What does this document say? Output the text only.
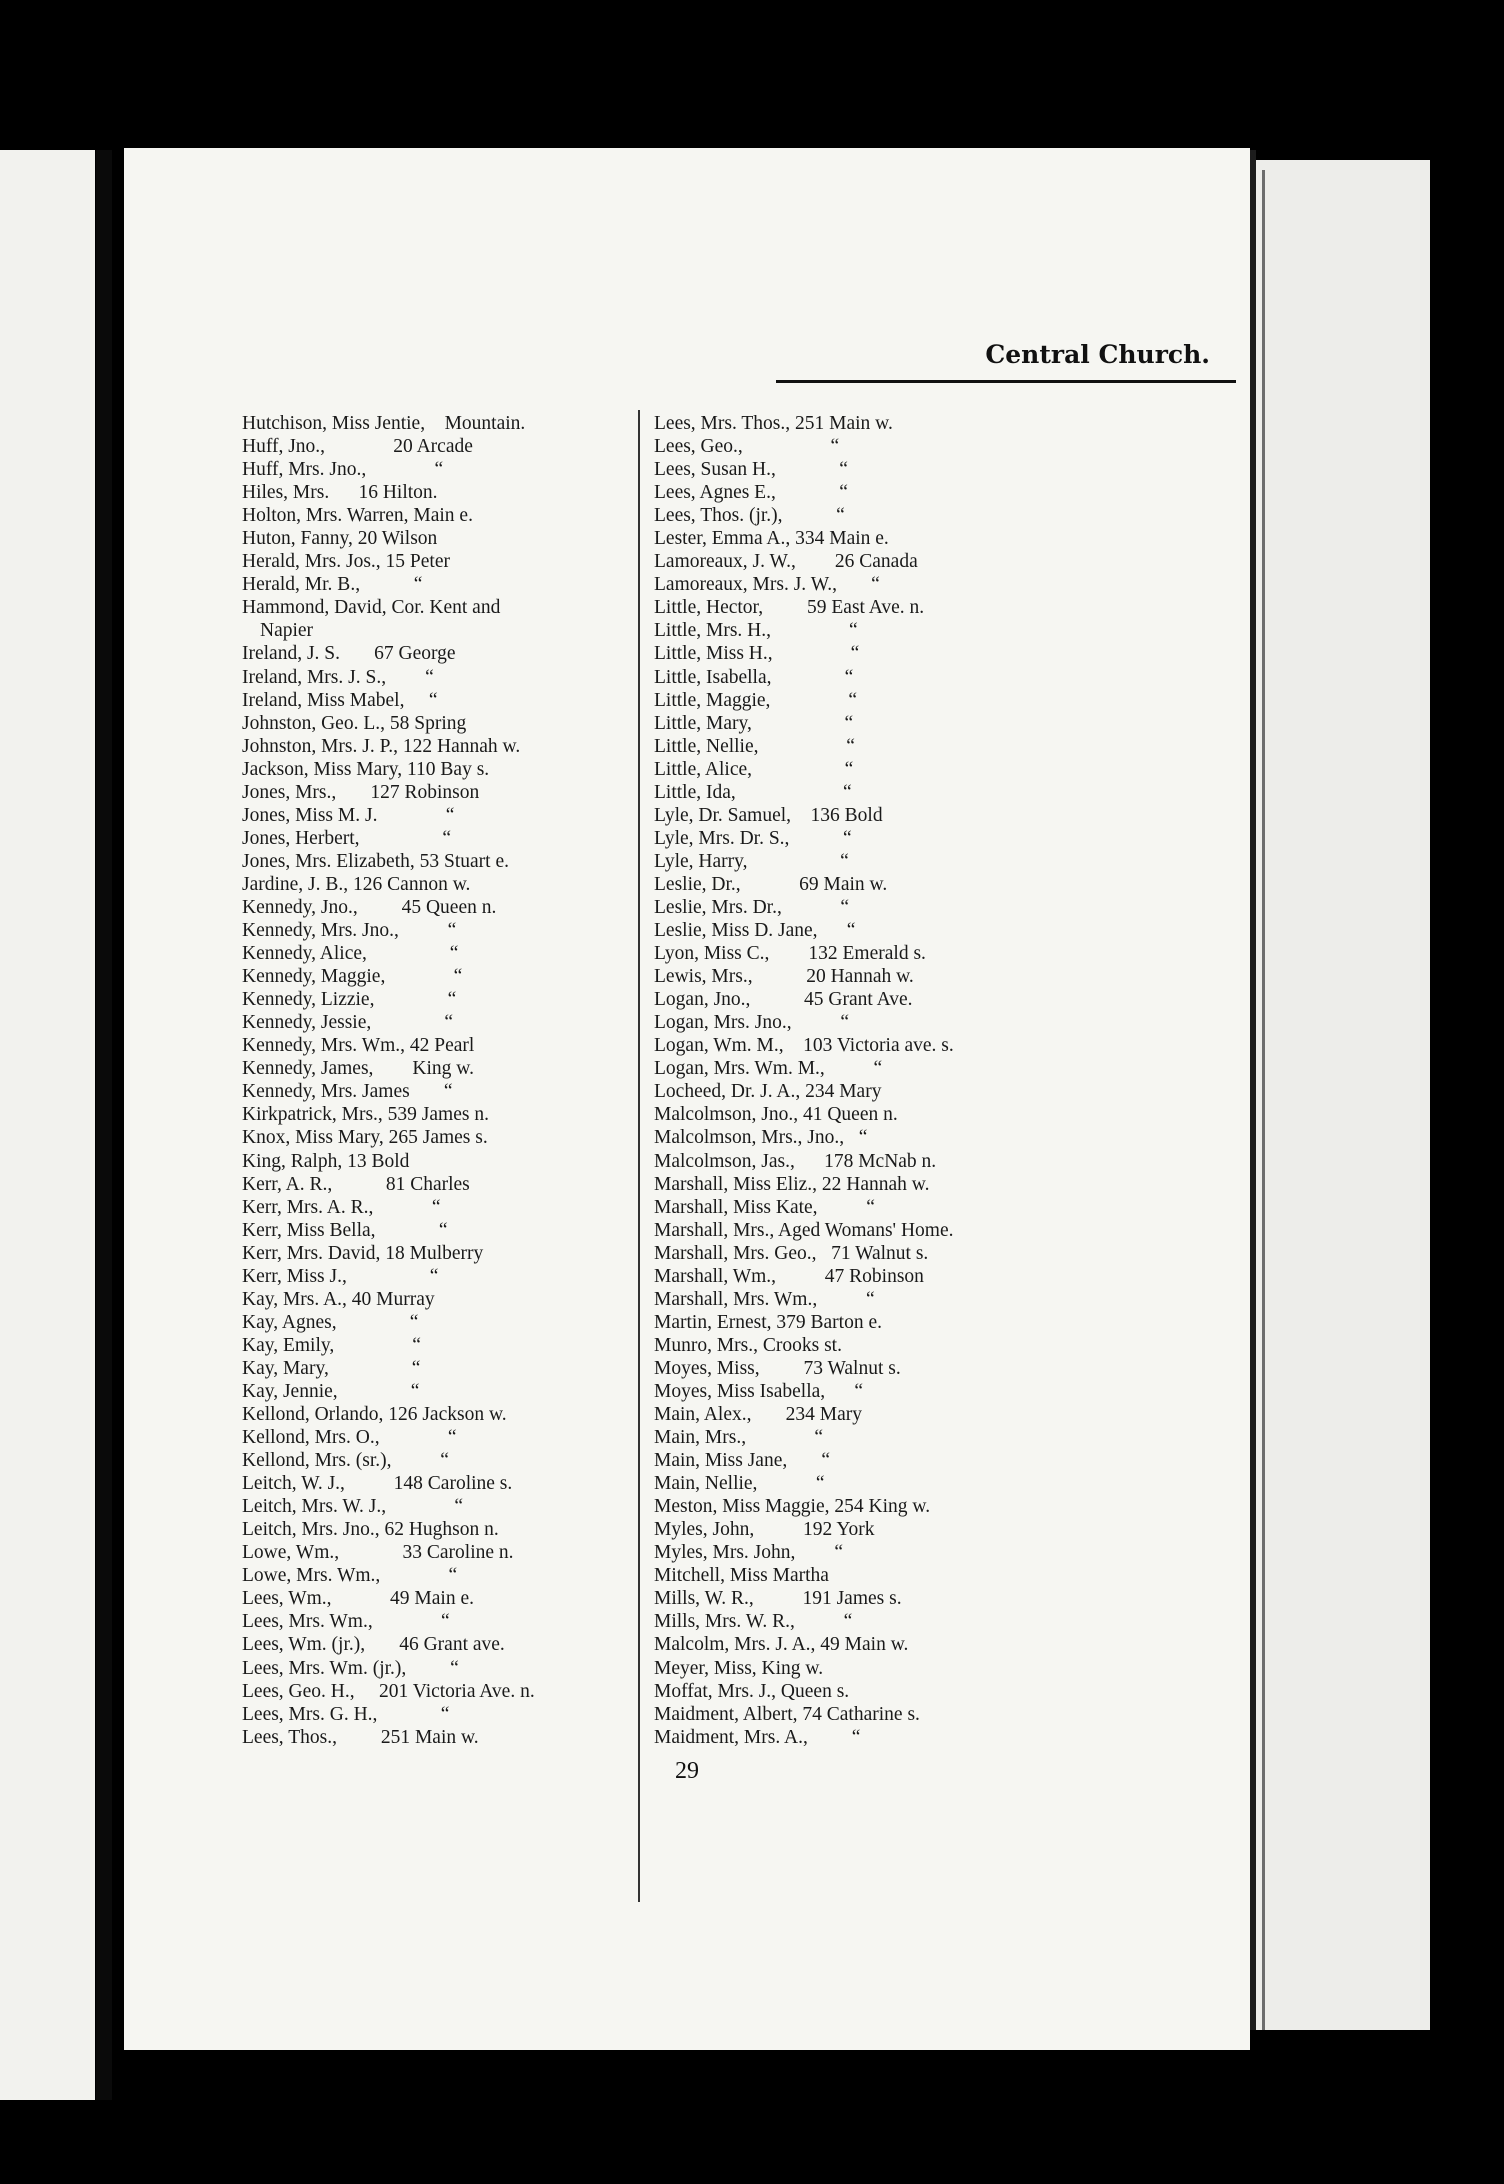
Central Church.
Hutchison, Miss Jentie,    Mountain.
Huff, Jno.,              20 Arcade
Huff, Mrs. Jno.,              “
Hiles, Mrs.      16 Hilton.
Holton, Mrs. Warren, Main e.
Huton, Fanny, 20 Wilson
Herald, Mrs. Jos., 15 Peter
Herald, Mr. B.,           “
Hammond, David, Cor. Kent and
Napier
Ireland, J. S.       67 George
Ireland, Mrs. J. S.,        “
Ireland, Miss Mabel,     “
Johnston, Geo. L., 58 Spring
Johnston, Mrs. J. P., 122 Hannah w.
Jackson, Miss Mary, 110 Bay s.
Jones, Mrs.,       127 Robinson
Jones, Miss M. J.              “
Jones, Herbert,                 “
Jones, Mrs. Elizabeth, 53 Stuart e.
Jardine, J. B., 126 Cannon w.
Kennedy, Jno.,         45 Queen n.
Kennedy, Mrs. Jno.,          “
Kennedy, Alice,                 “
Kennedy, Maggie,              “
Kennedy, Lizzie,               “
Kennedy, Jessie,               “
Kennedy, Mrs. Wm., 42 Pearl
Kennedy, James,        King w.
Kennedy, Mrs. James       “
Kirkpatrick, Mrs., 539 James n.
Knox, Miss Mary, 265 James s.
King, Ralph, 13 Bold
Kerr, A. R.,           81 Charles
Kerr, Mrs. A. R.,            “
Kerr, Miss Bella,             “
Kerr, Mrs. David, 18 Mulberry
Kerr, Miss J.,                 “
Kay, Mrs. A., 40 Murray
Kay, Agnes,               “
Kay, Emily,                “
Kay, Mary,                 “
Kay, Jennie,               “
Kellond, Orlando, 126 Jackson w.
Kellond, Mrs. O.,              “
Kellond, Mrs. (sr.),          “
Leitch, W. J.,          148 Caroline s.
Leitch, Mrs. W. J.,              “
Leitch, Mrs. Jno., 62 Hughson n.
Lowe, Wm.,             33 Caroline n.
Lowe, Mrs. Wm.,              “
Lees, Wm.,            49 Main e.
Lees, Mrs. Wm.,              “
Lees, Wm. (jr.),       46 Grant ave.
Lees, Mrs. Wm. (jr.),         “
Lees, Geo. H.,     201 Victoria Ave. n.
Lees, Mrs. G. H.,             “
Lees, Thos.,         251 Main w.
Lees, Mrs. Thos., 251 Main w.
Lees, Geo.,                  “
Lees, Susan H.,             “
Lees, Agnes E.,             “
Lees, Thos. (jr.),           “
Lester, Emma A., 334 Main e.
Lamoreaux, J. W.,        26 Canada
Lamoreaux, Mrs. J. W.,       “
Little, Hector,         59 East Ave. n.
Little, Mrs. H.,                “
Little, Miss H.,                “
Little, Isabella,               “
Little, Maggie,                “
Little, Mary,                   “
Little, Nellie,                  “
Little, Alice,                   “
Little, Ida,                      “
Lyle, Dr. Samuel,    136 Bold
Lyle, Mrs. Dr. S.,           “
Lyle, Harry,                   “
Leslie, Dr.,            69 Main w.
Leslie, Mrs. Dr.,            “
Leslie, Miss D. Jane,      “
Lyon, Miss C.,        132 Emerald s.
Lewis, Mrs.,           20 Hannah w.
Logan, Jno.,           45 Grant Ave.
Logan, Mrs. Jno.,          “
Logan, Wm. M.,    103 Victoria ave. s.
Logan, Mrs. Wm. M.,          “
Locheed, Dr. J. A., 234 Mary
Malcolmson, Jno., 41 Queen n.
Malcolmson, Mrs., Jno.,   “
Malcolmson, Jas.,      178 McNab n.
Marshall, Miss Eliz., 22 Hannah w.
Marshall, Miss Kate,          “
Marshall, Mrs., Aged Womans' Home.
Marshall, Mrs. Geo.,   71 Walnut s.
Marshall, Wm.,          47 Robinson
Marshall, Mrs. Wm.,          “
Martin, Ernest, 379 Barton e.
Munro, Mrs., Crooks st.
Moyes, Miss,         73 Walnut s.
Moyes, Miss Isabella,      “
Main, Alex.,       234 Mary
Main, Mrs.,              “
Main, Miss Jane,       “
Main, Nellie,            “
Meston, Miss Maggie, 254 King w.
Myles, John,          192 York
Myles, Mrs. John,        “
Mitchell, Miss Martha
Mills, W. R.,          191 James s.
Mills, Mrs. W. R.,          “
Malcolm, Mrs. J. A., 49 Main w.
Meyer, Miss, King w.
Moffat, Mrs. J., Queen s.
Maidment, Albert, 74 Catharine s.
Maidment, Mrs. A.,         “
29
